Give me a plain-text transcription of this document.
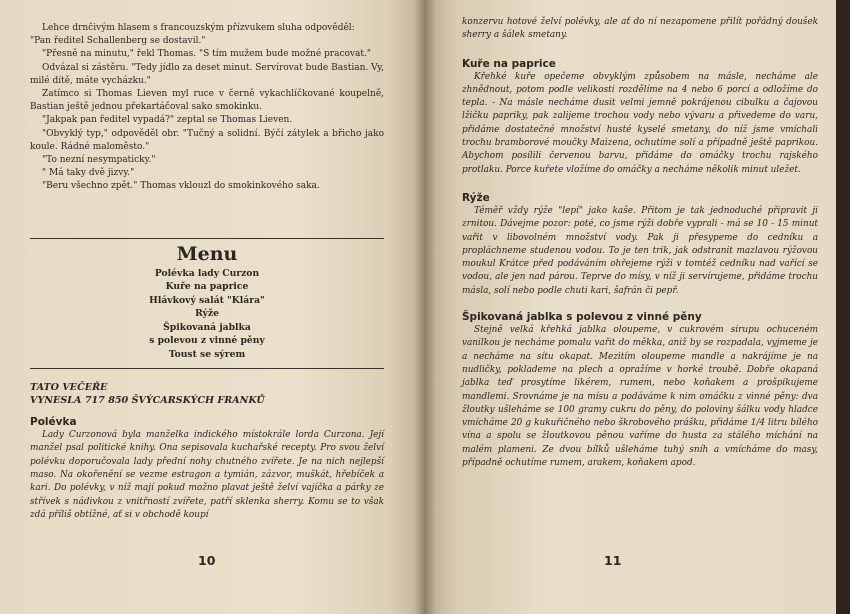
Lehce drnčivým hlasem s francouzským přízvukem sluha odpověděl:

"Pan ředitel Schallenberg se dostavil."

"Přesně na minutu," řekl Thomas. "S tím mužem bude možné pracovat."

Odvázal si zástěru. "Tedy jídlo za deset minut. Servírovat bude Bastian. Vy, milé dítě, máte vycházku."

Zatímco si Thomas Lieven myl ruce v černě vykachlíčkované koupelně, Bastian ještě jednou překartáčoval sako smokinku.

"Jakpak pan ředitel vypadá?" zeptal se Thomas Lieven.

"Obvyklý typ," odpověděl obr. "Tučný a solidní. Býčí zátylek a břicho jako koule. Rádné maloměsto."

"To nezní nesympaticky."

" Má taky dvě jizvy."

"Beru všechno zpět." Thomas vklouzl do smokinkového saka.

Menu
Polévka lady Curzon
Kuře na paprice
Hlávkový salát "Klára"
Rýže
Špikovaná jablka
s polevou z vinné pěny
Toust se sýrem
TATO VEČEŘE
VYNESLA 717 850 ŠVÝCARSKÝCH FRANKŮ
Polévka

Lady Curzonová byla manželka indického místokrále lorda Curzona. Její manžel psal politické knihy. Ona sepisovala kuchařské recepty. Pro svou želví polévku doporučovala lady přední nohy chutného zvířete. Je na nich nejlepší maso. Na okořenění se vezme estragon a tymián, zázvor, muškát, hřebíček a kari. Do polévky, v níž mají pokud možno plavat ještě želví vajíčka a párky ze střívek s nádivkou z vnitřností zvířete, patří sklenka sherry. Komu se to však zdá příliš obtížné, ať si v obchodě koupí

10

konzervu hotové želví polévky, ale ať do ní nezapomene přilít pořádný doušek sherry a šálek smetany.

Kuře na paprice

Křehké kuře opečeme obvyklým způsobem na másle, necháme ale zhnědnout, potom podle velikosti rozdělíme na 4 nebo 6 porcí a odložíme do tepla. - Na másle necháme dusit velmi jemně pokrájenou cibulku a čajovou lžičku papriky, pak zalijeme trochou vody nebo vývaru a přivedeme do varu, přidáme dostatečné množství husté kyselé smetany, do níž jsme vmíchali trochu bramborové moučky Maizena, ochutíme solí a případně ještě paprikou. Abychom posílili červenou barvu, přidáme do omáčky trochu rajského protlaku. Porce kuřete vložíme do omáčky a necháme několik minut uležet.

Rýže

Téměř vždy rýže "lepí" jako kaše. Přitom je tak jednoduché připravit ji zrnitou. Dávejme pozor: poté, co jsme rýži dobře vyprali - má se 10 - 15 minut vařit v libovolném množství vody. Pak ji přesypeme do cedníku a propláchneme studenou vodou. To je ten trik, jak odstranit mazlavou rýžovou moukul Krátce před podáváním ohřejeme rýži v tomtéž cedníku nad vařící se vodou, ale jen nad párou. Teprve do mísy, v níž ji servírujeme, přidáme trochu másla, solí nebo podle chuti kari, šafrán či pepř.

Špikovaná jablka s polevou z vinné pěny

Stejně velká křehká jablka oloupeme, v cukrovém sirupu ochuceném vanilkou je necháme pomalu vařit do měkka, aniž by se rozpadala, vyjmeme je a necháme na sítu okapat. Mezitím oloupeme mandle a nakrájíme je na nudličky, poklademe na plech a opražíme v horké troubě. Dobře okapaná jablka teď prosytíme likérem, rumem, nebo koňakem a prošpikujeme mandlemi. Srovnáme je na mísu a podáváme k nim omáčku z vinné pěny: dva žloutky ušleháme se 100 gramy cukru do pěny, do poloviny šálku vody hladce vmícháme 20 g kukuřičného nebo škrobového prášku, přidáme 1/4 litru bílého vína a spolu se žloutkovou pěnou vaříme do husta za stálého míchání na malém plameni. Ze dvou bílků ušleháme tuhý sníh a vmícháme do masy, případně ochutíme rumem, arakem, koňakem apod.

11
